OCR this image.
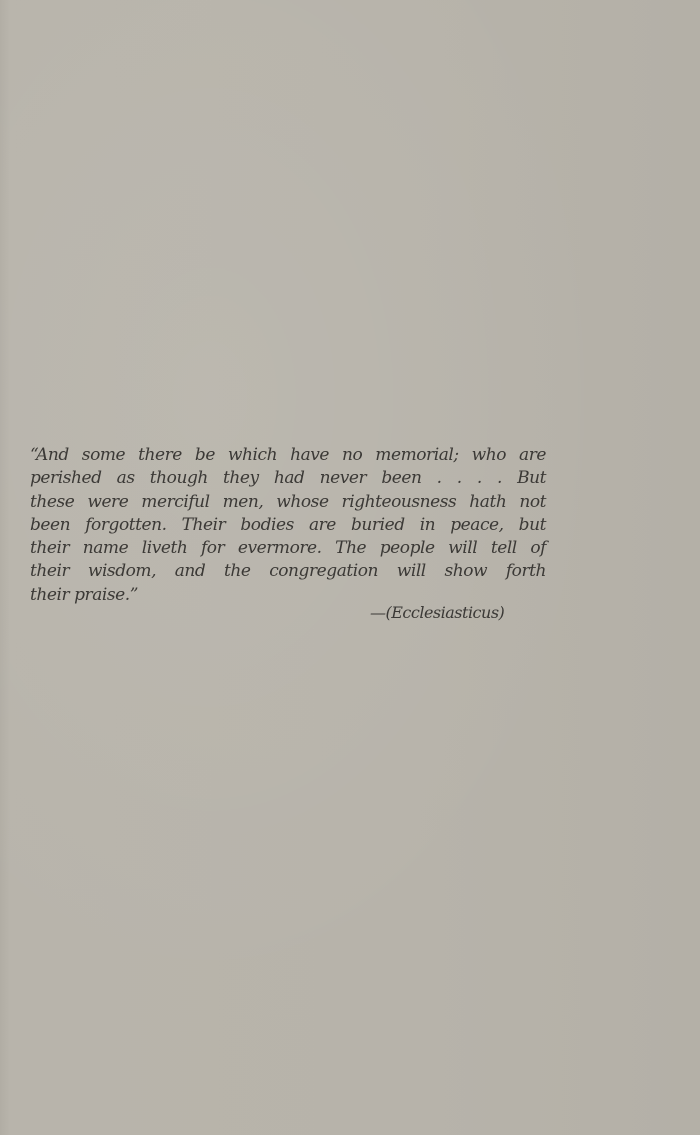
“And some there be which have no memorial; who are
perished as though they had never been . . . . But
these were merciful men, whose righteousness hath not
been forgotten. Their bodies are buried in peace, but
their name liveth for evermore. The people will tell of
their wisdom, and the congregation will show forth
their praise.”
—(Ecclesiasticus)
